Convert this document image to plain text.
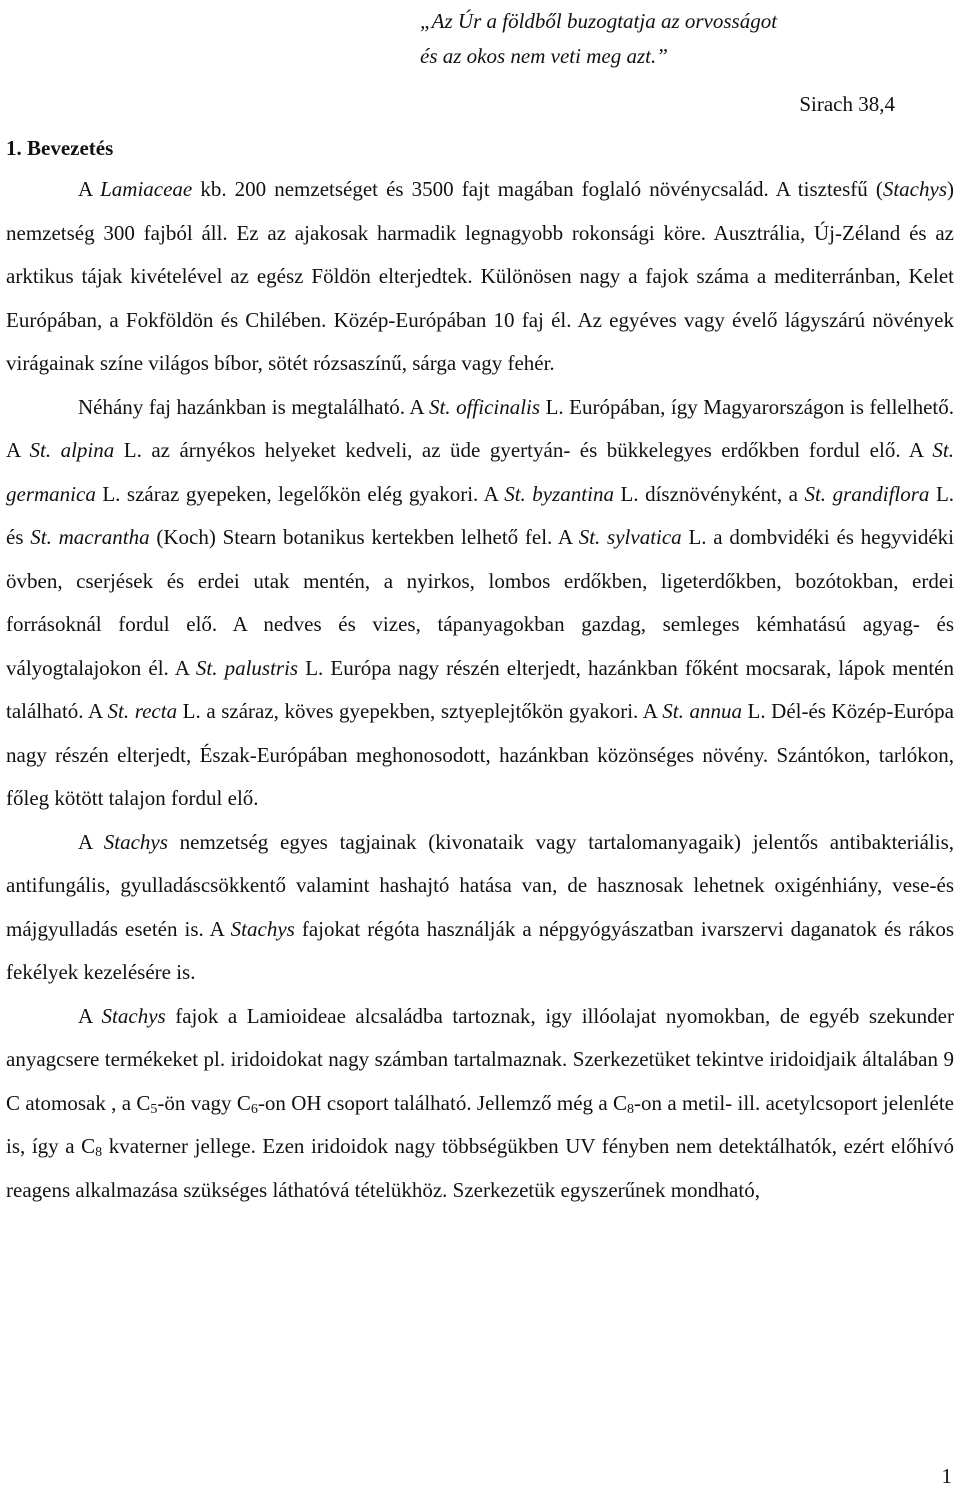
„Az Úr a földből buzogtatja az orvosságot
és az okos nem veti meg azt.”
Sirach 38,4
1. Bevezetés

A Lamiaceae kb. 200 nemzetséget és 3500 fajt magában foglaló növénycsalád. A tisztesfű (Stachys) nemzetség 300 fajból áll. Ez az ajakosak harmadik legnagyobb rokonsági köre. Ausztrália, Új-Zéland és az arktikus tájak kivételével az egész Földön elterjedtek. Különösen nagy a fajok száma a mediterránban, Kelet Európában, a Fokföldön és Chilében. Közép-Európában 10 faj él. Az egyéves vagy évelő lágyszárú növények virágainak színe világos bíbor, sötét rózsaszínű, sárga vagy fehér.

Néhány faj hazánkban is megtalálható. A St. officinalis L. Európában, így Magyarországon is fellelhető. A St. alpina L. az árnyékos helyeket kedveli, az üde gyertyán- és bükkelegyes erdőkben fordul elő. A St. germanica L. száraz gyepeken, legelőkön elég gyakori. A St. byzantina L. dísznövényként, a St. grandiflora L. és St. macrantha (Koch) Stearn botanikus kertekben lelhető fel. A St. sylvatica L. a dombvidéki és hegyvidéki övben, cserjések és erdei utak mentén, a nyirkos, lombos erdőkben, ligeterdőkben, bozótokban, erdei forrásoknál fordul elő. A nedves és vizes, tápanyagokban gazdag, semleges kémhatású agyag- és vályogtalajokon él. A St. palustris L. Európa nagy részén elterjedt, hazánkban főként mocsarak, lápok mentén található. A St. recta L. a száraz, köves gyepekben, sztyeplejtőkön gyakori. A St. annua L. Dél-és Közép-Európa nagy részén elterjedt, Észak-Európában meghonosodott, hazánkban közönséges növény. Szántókon, tarlókon, főleg kötött talajon fordul elő.

A Stachys nemzetség egyes tagjainak (kivonataik vagy tartalomanyagaik) jelentős antibakteriális, antifungális, gyulladáscsökkentő valamint hashajtó hatása van, de hasznosak lehetnek oxigénhiány, vese-és májgyulladás esetén is. A Stachys fajokat régóta használják a népgyógyászatban ivarszervi daganatok és rákos fekélyek kezelésére is.

A Stachys fajok a Lamioideae alcsaládba tartoznak, igy illóolajat nyomokban, de egyéb szekunder anyagcsere termékeket pl. iridoidokat nagy számban tartalmaznak. Szerkezetüket tekintve iridoidjaik általában 9 C atomosak , a $C_5-ön$ vagy $C_6-on$ OH csoport található. Jellemző még a $C_8-on$ a metil- ill. acetylcsoport jelenléte is, így a $C_8$ kvaterner jellege. Ezen iridoidok nagy többségükben UV fényben nem detektálhatók, ezért előhívó reagens alkalmazása szükséges láthatóvá tételükhöz. Szerkezetük egyszerűnek mondható,

1
